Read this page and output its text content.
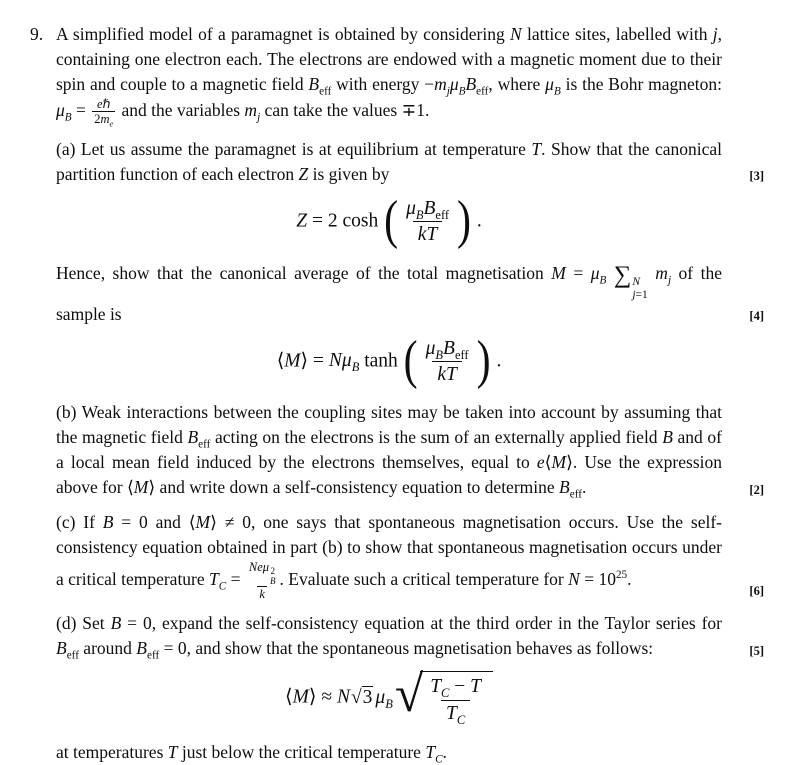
9. A simplified model of a paramagnet is obtained by considering N lattice sites, labelled with j, containing one electron each. The electrons are endowed with a magnetic moment due to their spin and couple to a magnetic field $B_{eff}$ with energy $-m_j\mu_BB_{eff}$, where $\mu_B$ is the Bohr magneton: $\mu_B = \frac{\text{eℏ}}{2m_e}$ and the variables $m_j$ can take the values ∓1.

(a) Let us assume the paramagnet is at equilibrium at temperature T. Show that the canonical partition function of each electron Z is given by	[3]
Z = 2 cosh ( $\frac{\mu_BB_{eff}}{kT}$ ) .
Hence, show that the canonical average of the total magnetisation $M = \mu_B$ ∑ N
j=1
$m_j$ of the sample is	[4]
⟨M⟩ = $N\mu_B$ tanh ( $\frac{\mu_BB_{eff}}{kT}$ ) .
(b) Weak interactions between the coupling sites may be taken into account by assuming that the magnetic field $B_{eff}$ acting on the electrons is the sum of an externally applied field B and of a local mean field induced by the electrons themselves, equal to e⟨M⟩. Use the expression above for ⟨M⟩ and write down a self-consistency equation to determine $B_{eff}$.	[2]
(c) If B = 0 and ⟨M⟩ ≠ 0, one says that spontaneous magnetisation occurs. Use the self-consistency equation obtained in part (b) to show that spontaneous magnetisation occurs under a critical temperature $T_C = Ne\mu$ 2
B
k . Evaluate such a critical temperature for $N = 10^{25}$.
[6]
(d) Set B = 0, expand the self-consistency equation at the third order in the Taylor series for $B_{eff}$ around $B_{eff} = 0$, and show that the spontaneous magnetisation behaves as follows:	[5]
⟨M⟩ ≈ N√3 $\mu_B$ √ $\frac{T_C - T}{T_C}$

at temperatures T just below the critical temperature $T_C$.
